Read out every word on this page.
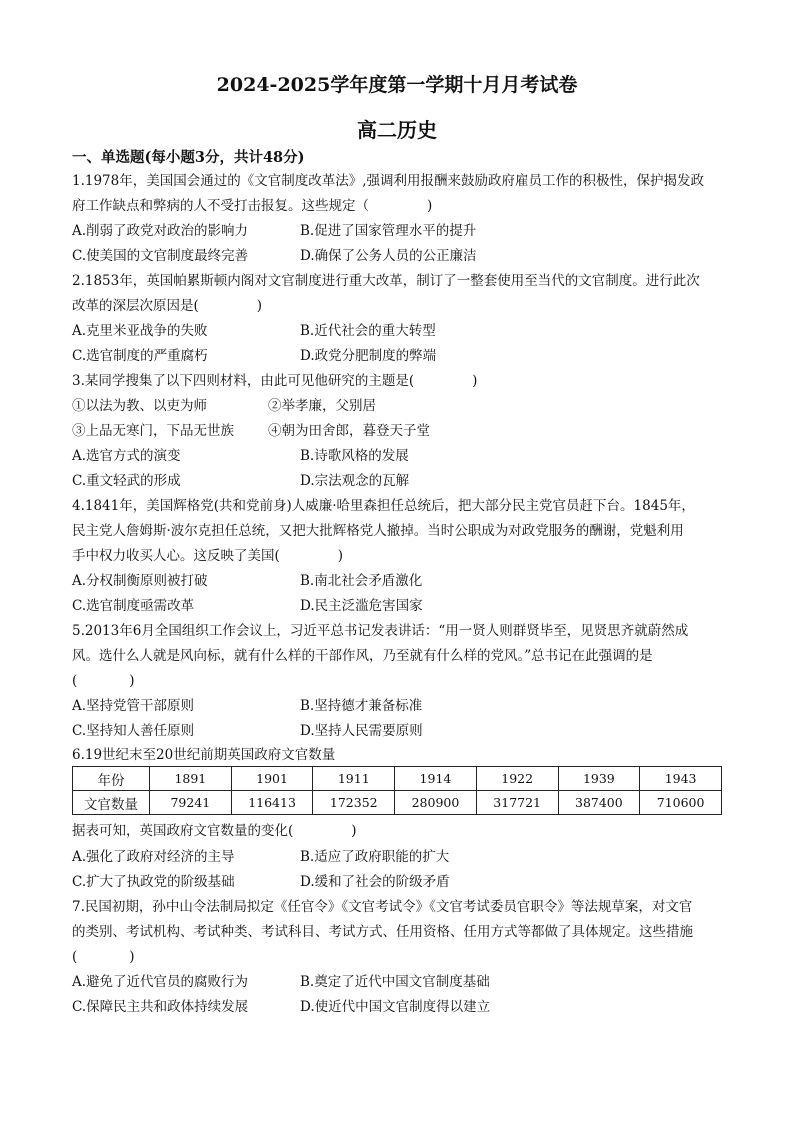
2024-2025学年度第一学期十月月考试卷
高二历史
一、单选题(每小题3分，共计48分)
1.1978年，美国国会通过的《文官制度改革法》,强调利用报酬来鼓励政府雇员工作的积极性，保护揭发政
府工作缺点和弊病的人不受打击报复。这些规定（	)
A.削弱了政党对政治的影响力	B.促进了国家管理水平的提升
C.使美国的文官制度最终完善	D.确保了公务人员的公正廉洁
2.1853年，英国帕累斯顿内阁对文官制度进行重大改革，制订了一整套使用至当代的文官制度。进行此次
改革的深层次原因是(	)
A.克里米亚战争的失败	B.近代社会的重大转型
C.选官制度的严重腐朽	D.政党分肥制度的弊端
3.某同学搜集了以下四则材料，由此可见他研究的主题是(	)
①以法为教、以吏为师	②举孝廉，父别居
③上品无寒门，下品无世族	④朝为田舍郎，暮登天子堂
A.选官方式的演变	B.诗歌风格的发展
C.重文轻武的形成	D.宗法观念的瓦解
4.1841年，美国辉格党(共和党前身)人威廉·哈里森担任总统后，把大部分民主党官员赶下台。1845年，
民主党人詹姆斯·波尔克担任总统，又把大批辉格党人撤掉。当时公职成为对政党服务的酬谢，党魁利用
手中权力收买人心。这反映了美国(	)
A.分权制衡原则被打破	B.南北社会矛盾激化
C.选官制度亟需改革	D.民主泛滥危害国家
5.2013年6月全国组织工作会议上，习近平总书记发表讲话：“用一贤人则群贤毕至，见贤思齐就蔚然成
风。选什么人就是风向标，就有什么样的干部作风，乃至就有什么样的党风。”总书记在此强调的是
(	)
A.坚持党管干部原则	B.坚持德才兼备标准
C.坚持知人善任原则	D.坚持人民需要原则
6.19世纪末至20世纪前期英国政府文官数量
年份	1891	1901	1911	1914	1922	1939	1943
文官数量	79241	116413	172352	280900	317721	387400	710600
据表可知，英国政府文官数量的变化(	)
A.强化了政府对经济的主导	B.适应了政府职能的扩大
C.扩大了执政党的阶级基础	D.缓和了社会的阶级矛盾
7.民国初期，孙中山令法制局拟定《任官令》《文官考试令》《文官考试委员官职令》等法规草案，对文官
的类别、考试机构、考试种类、考试科目、考试方式、任用资格、任用方式等都做了具体规定。这些措施
(	)
A.避免了近代官员的腐败行为	B.奠定了近代中国文官制度基础
C.保障民主共和政体持续发展	D.使近代中国文官制度得以建立
